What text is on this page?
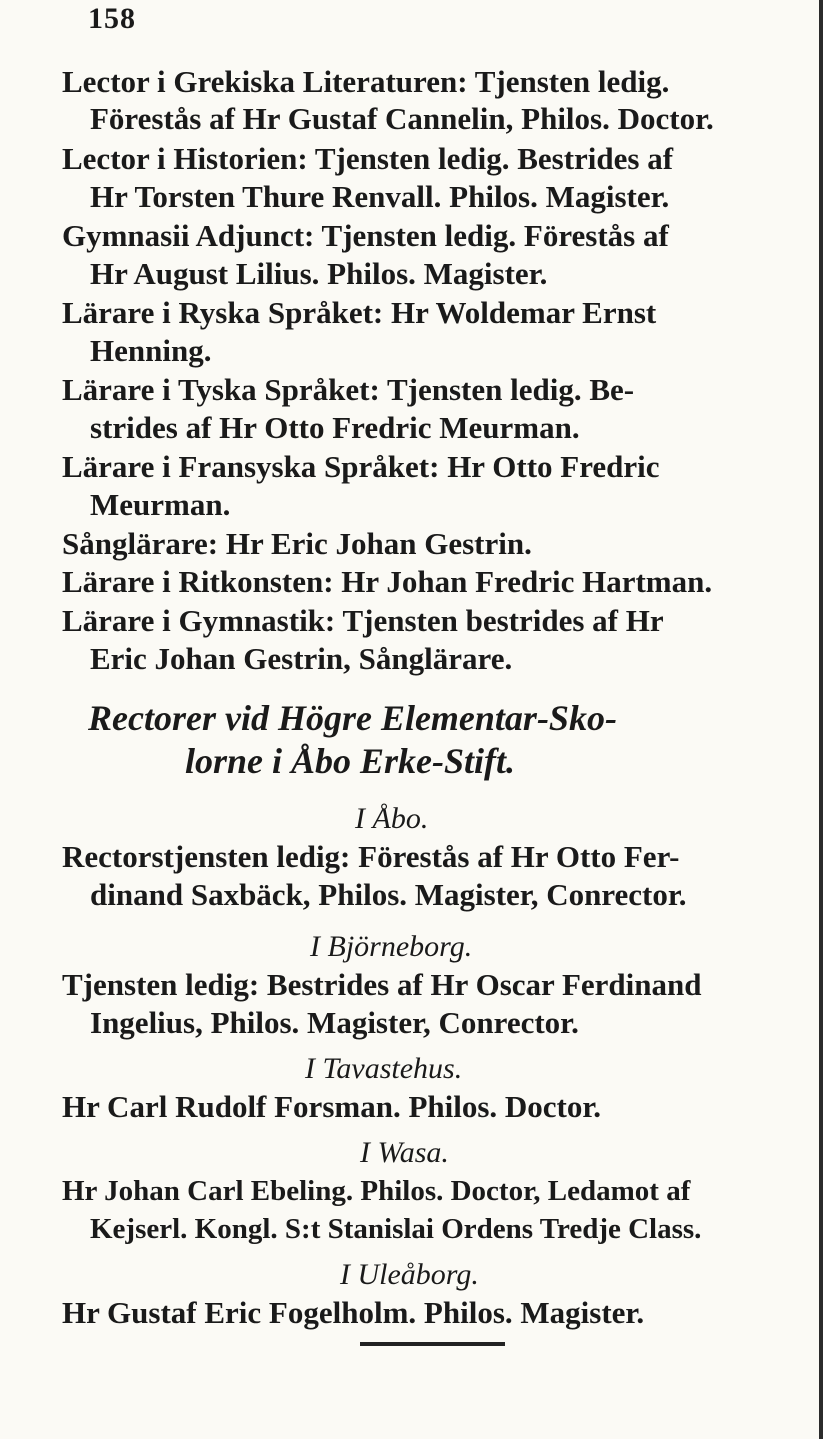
158
Lector i Grekiska Literaturen: Tjensten ledig.
Förestås af Hr Gustaf Cannelin, Philos. Doctor.
Lector i Historien: Tjensten ledig. Bestrides af
Hr Torsten Thure Renvall. Philos. Magister.
Gymnasii Adjunct: Tjensten ledig. Förestås af
Hr August Lilius. Philos. Magister.
Lärare i Ryska Språket: Hr Woldemar Ernst
Henning.
Lärare i Tyska Språket: Tjensten ledig. Be-
strides af Hr Otto Fredric Meurman.
Lärare i Fransyska Språket: Hr Otto Fredric
Meurman.
Sånglärare: Hr Eric Johan Gestrin.
Lärare i Ritkonsten: Hr Johan Fredric Hartman.
Lärare i Gymnastik: Tjensten bestrides af Hr
Eric Johan Gestrin, Sånglärare.
Rectorer vid Högre Elementar-Sko-
lorne i Åbo Erke-Stift.
I Åbo.
Rectorstjensten ledig: Förestås af Hr Otto Fer-
dinand Saxbäck, Philos. Magister, Conrector.
I Björneborg.
Tjensten ledig: Bestrides af Hr Oscar Ferdinand
Ingelius, Philos. Magister, Conrector.
I Tavastehus.
Hr Carl Rudolf Forsman. Philos. Doctor.
I Wasa.
Hr Johan Carl Ebeling. Philos. Doctor, Ledamot af
Kejserl. Kongl. S:t Stanislai Ordens Tredje Class.
I Uleåborg.
Hr Gustaf Eric Fogelholm. Philos. Magister.
